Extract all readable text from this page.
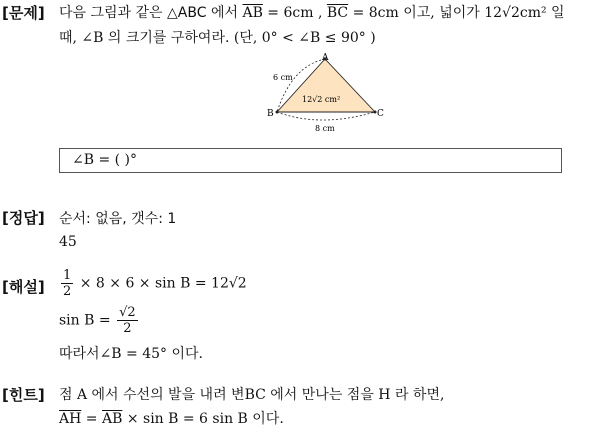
[문제] 다음 그림과 같은 △ABC 에서 $\overline{AB} = 6cm$ , $\overline{BC} = 8cm$ 이고, 넓이가 12√2cm² 일
때, ∠B 의 크기를 구하여라. (단, 0° < ∠B ≤ 90° )
A
B	C
6 cm
8 cm
12√2 cm²
∠B = ( )°
[정답] 순서: 없음, 갯수: 1
45
[해설] $\frac{1}{2} \times 8 \times 6 \times \sin B = 12√2$
$\sin B = \frac{√2}{2}$
따라서∠B = 45° 이다.
[힌트] 점 A 에서 수선의 발을 내려 변BC 에서 만나는 점을 H 라 하면,
$\overline{AH} = \overline{AB} \times \sin B = 6$ sin B 이다.
